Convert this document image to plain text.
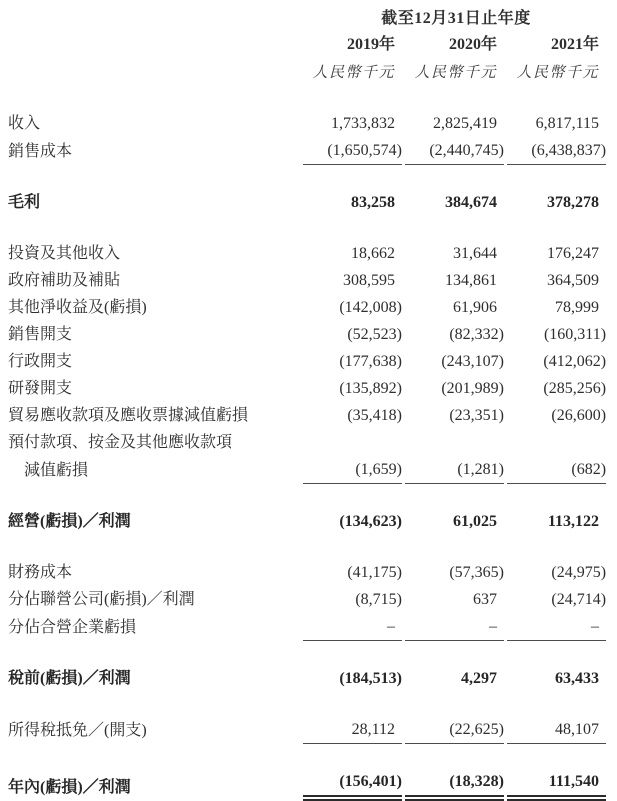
	截至12月31日止年度		
	2019年	2020年	2021年
	人民幣千元	人民幣千元	人民幣千元

收入	1,733,832	2,825,419	6,817,115

銷售成本	(1,650,574)	(2,440,745)	(6,438,837)

毛利	83,258	384,674	378,278

投資及其他收入	18,662	31,644	176,247

政府補助及補貼	308,595	134,861	364,509

其他淨收益及(虧損)	(142,008)	61,906	78,999

銷售開支	(52,523)	(82,332)	(160,311)

行政開支	(177,638)	(243,107)	(412,062)

研發開支	(135,892)	(201,989)	(285,256)

貿易應收款項及應收票據減值虧損	(35,418)	(23,351)	(26,600)

預付款項、按金及其他應收款項	

減值虧損	(1,659)	(1,281)	(682)

經營(虧損)／利潤	(134,623)	61,025	113,122

財務成本	(41,175)	(57,365)	(24,975)

分佔聯營公司(虧損)／利潤	(8,715)	637	(24,714)

分佔合營企業虧損	–	–	–

稅前(虧損)／利潤	(184,513)	4,297	63,433

所得稅抵免／(開支)	28,112	(22,625)	48,107

年內(虧損)／利潤	(156,401)	(18,328)	111,540
